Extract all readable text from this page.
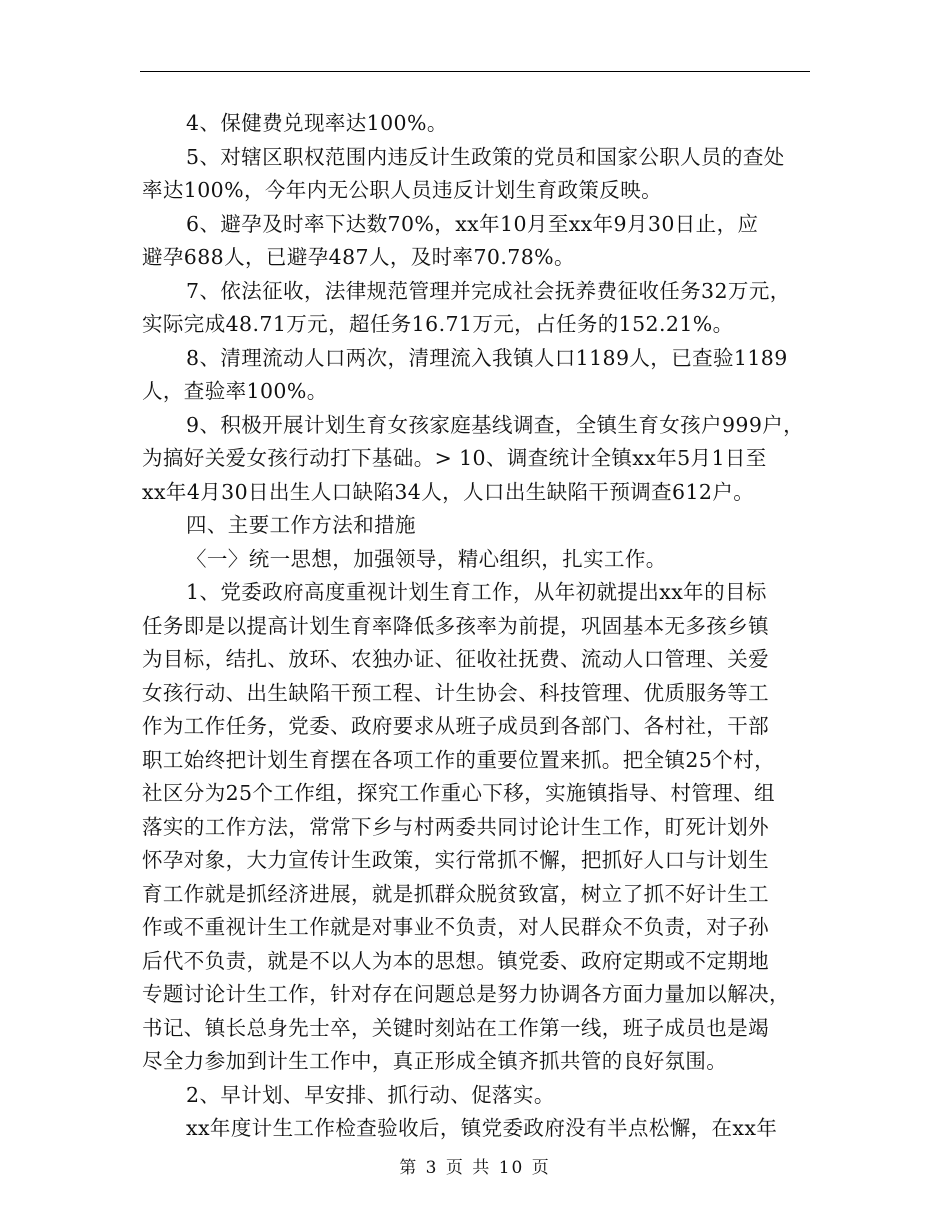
4、保健费兑现率达100%。
5、对辖区职权范围内违反计生政策的党员和国家公职人员的查处
率达100%，今年内无公职人员违反计划生育政策反映。
6、避孕及时率下达数70%，xx年10月至xx年9月30日止，应
避孕688人，已避孕487人，及时率70.78%。
7、依法征收，法律规范管理并完成社会抚养费征收任务32万元，
实际完成48.71万元，超任务16.71万元，占任务的152.21%。
8、清理流动人口两次，清理流入我镇人口1189人，已查验1189
人，查验率100%。
9、积极开展计划生育女孩家庭基线调查，全镇生育女孩户999户，
为搞好关爱女孩行动打下基础。> 10、调查统计全镇xx年5月1日至
xx年4月30日出生人口缺陷34人，人口出生缺陷干预调查612户。
四、主要工作方法和措施
〈一〉统一思想，加强领导，精心组织，扎实工作。
1、党委政府高度重视计划生育工作，从年初就提出xx年的目标
任务即是以提高计划生育率降低多孩率为前提，巩固基本无多孩乡镇
为目标，结扎、放环、农独办证、征收社抚费、流动人口管理、关爱
女孩行动、出生缺陷干预工程、计生协会、科技管理、优质服务等工
作为工作任务，党委、政府要求从班子成员到各部门、各村社，干部
职工始终把计划生育摆在各项工作的重要位置来抓。把全镇25个村，
社区分为25个工作组，探究工作重心下移，实施镇指导、村管理、组
落实的工作方法，常常下乡与村两委共同讨论计生工作，盯死计划外
怀孕对象，大力宣传计生政策，实行常抓不懈，把抓好人口与计划生
育工作就是抓经济进展，就是抓群众脱贫致富，树立了抓不好计生工
作或不重视计生工作就是对事业不负责，对人民群众不负责，对子孙
后代不负责，就是不以人为本的思想。镇党委、政府定期或不定期地
专题讨论计生工作，针对存在问题总是努力协调各方面力量加以解决，
书记、镇长总身先士卒，关键时刻站在工作第一线，班子成员也是竭
尽全力参加到计生工作中，真正形成全镇齐抓共管的良好氛围。
2、早计划、早安排、抓行动、促落实。
xx年度计生工作检查验收后，镇党委政府没有半点松懈，在xx年
第 3 页 共 10 页
